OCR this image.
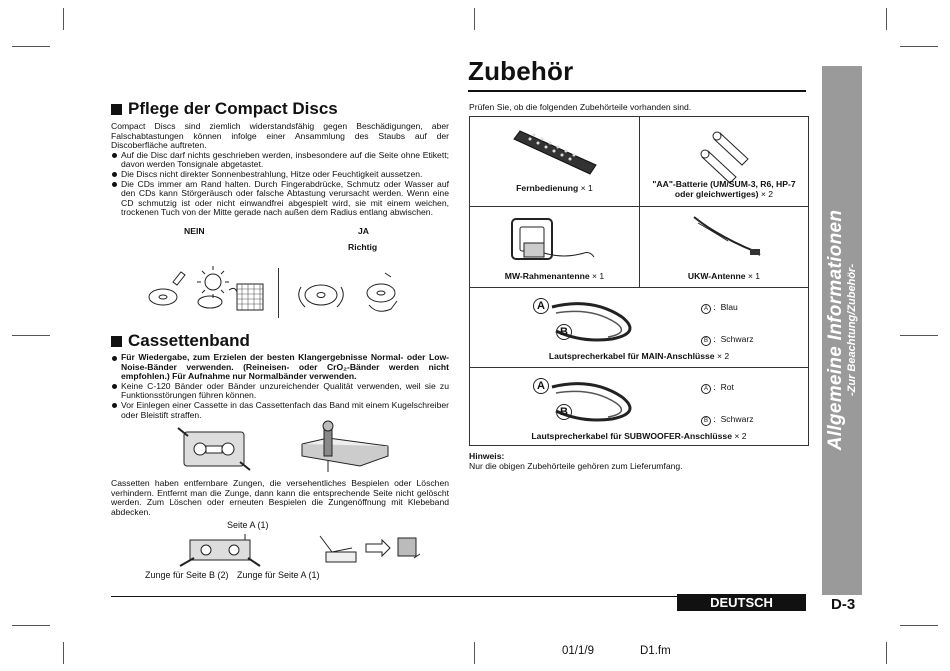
Zubehör
Pflege der Compact Discs
Compact Discs sind ziemlich widerstandsfähig gegen Beschädigungen, aber Falschabtastungen können infolge einer Ansammlung des Staubs auf der Discoberfläche auftreten.
Auf die Disc darf nichts geschrieben werden, insbesondere auf die Seite ohne Etikett; davon werden Tonsignale abgetastet.
Die Discs nicht direkter Sonnenbestrahlung, Hitze oder Feuchtigkeit aussetzen.
Die CDs immer am Rand halten. Durch Fingerabdrücke, Schmutz oder Wasser auf den CDs kann Störgeräusch oder falsche Abtastung verursacht werden. Wenn eine CD schmutzig ist oder nicht einwandfrei abgespielt wird, sie mit einem weichen, trockenen Tuch von der Mitte gerade nach außen dem Radius entlang abwischen.
NEIN	JA
Richtig
Cassettenband
Für Wiedergabe, zum Erzielen der besten Klangergebnisse Normal- oder Low-Noise-Bänder verwenden. (Reineisen- oder CrO₂-Bänder werden nicht empfohlen.) Für Aufnahme nur Normalbänder verwenden.
Keine C-120 Bänder oder Bänder unzureichender Qualität verwenden, weil sie zu Funktionsstörungen führen können.
Vor Einlegen einer Cassette in das Cassettenfach das Band mit einem Kugelschreiber oder Bleistift straffen.
Cassetten haben entfernbare Zungen, die versehentliches Bespielen oder Löschen verhindern. Entfernt man die Zunge, dann kann die entsprechende Seite nicht gelöscht werden. Zum Löschen oder erneuten Bespielen die Zungenöffnung mit Klebeband abdecken.
Seite A (1)
Zunge für Seite B (2) Zunge für Seite A (1)
Prüfen Sie, ob die folgenden Zubehörteile vorhanden sind.
Fernbedienung × 1	"AA"-Batterie (UM/SUM-3, R6, HP-7
oder gleichwertiges) × 2
MW-Rahmenantenne × 1	UKW-Antenne × 1
A
B
A : Blau
B : Schwarz
Lautsprecherkabel für MAIN-Anschlüsse × 2
A
B
A : Rot
B : Schwarz
Lautsprecherkabel für SUBWOOFER-Anschlüsse × 2
Hinweis:
Nur die obigen Zubehörteile gehören zum Lieferumfang.
Allgemeine Informationen -Zur Beachtung/Zubehör-
DEUTSCH	D-3
01/1/9	D1.fm
